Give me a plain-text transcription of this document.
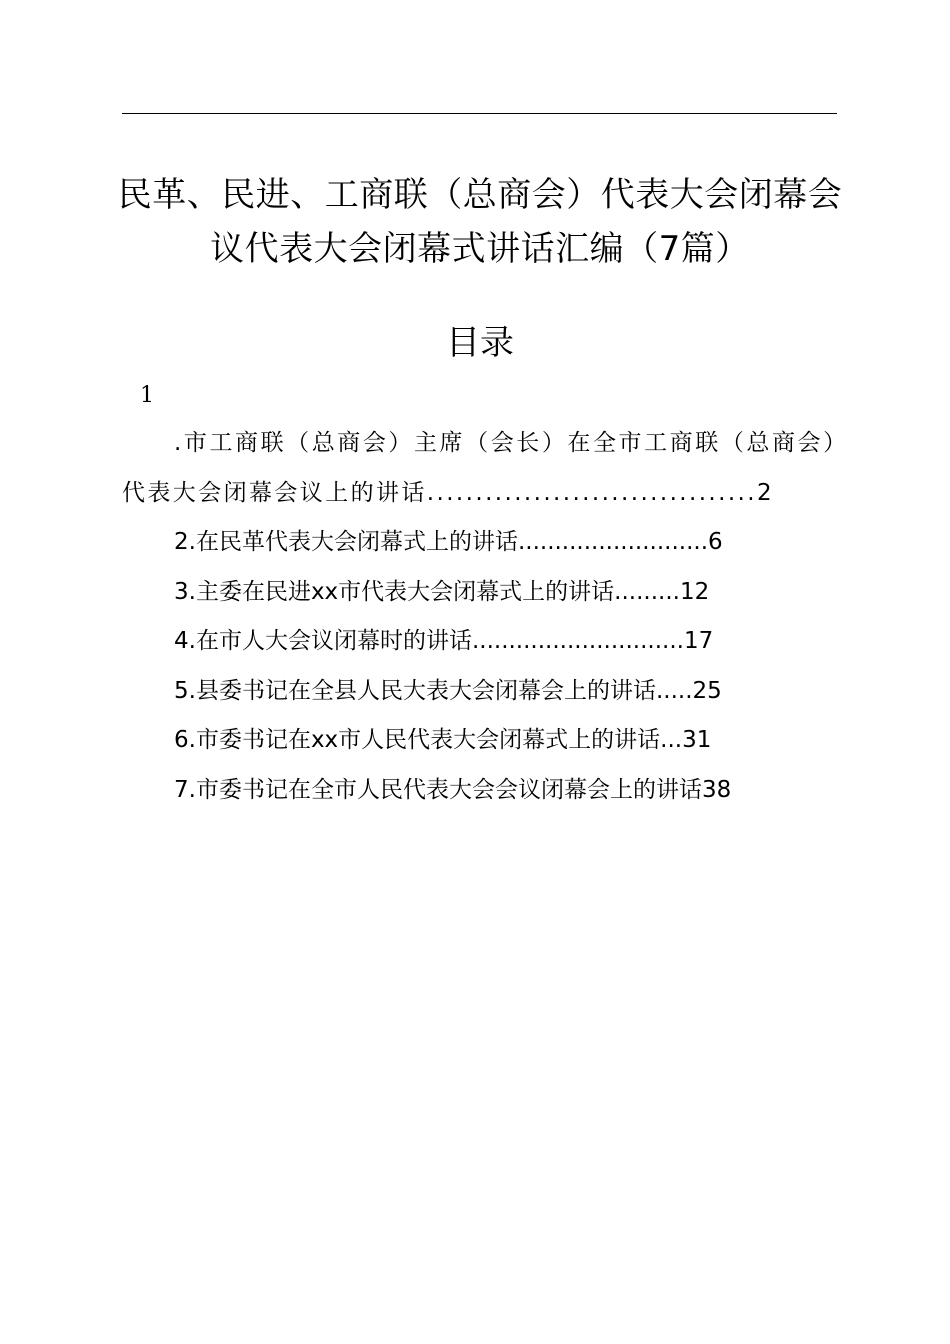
民革、民进、工商联（总商会）代表大会闭幕会议代表大会闭幕式讲话汇编（7篇）
目录
1
.市工商联（总商会）主席（会长）在全市工商联（总商会）代表大会闭幕会议上的讲话..................................2
2.在民革代表大会闭幕式上的讲话..........................6
3.主委在民进xx市代表大会闭幕式上的讲话.........12
4.在市人大会议闭幕时的讲话.............................17
5.县委书记在全县人民大表大会闭幕会上的讲话.....25
6.市委书记在xx市人民代表大会闭幕式上的讲话...31
7.市委书记在全市人民代表大会会议闭幕会上的讲话38
